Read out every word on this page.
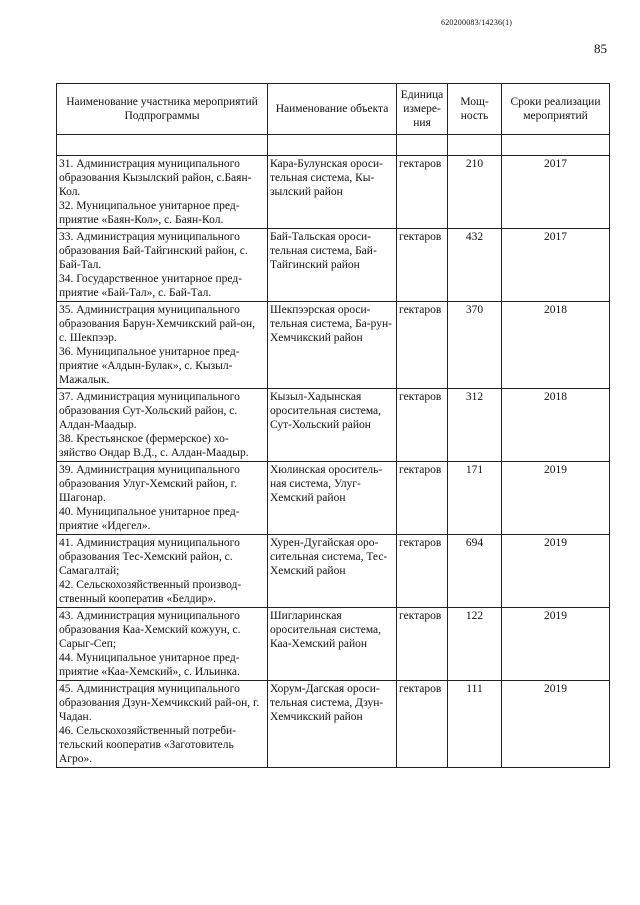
620200083/14236(1)
85
Наименование участника мероприятий Подпрограммы	Наименование объекта	Единица измере-ния	Мощ-ность	Сроки реализации мероприятий

31. Администрация муниципального образования Кызылский район, с.Баян-Кол.
32. Муниципальное унитарное пред-приятие «Баян-Кол», с. Баян-Кол.	Кара-Булунская ороси-тельная система, Кы-зылский район	гектаров	210	2017

33. Администрация муниципального образования Бай-Тайгинский район, с. Бай-Тал.
34. Государственное унитарное пред-приятие «Бай-Тал», с. Бай-Тал.	Бай-Тальская ороси-тельная система, Бай-Тайгинский район	гектаров	432	2017

35. Администрация муниципального образования Барун-Хемчикский рай-он, с. Шекпээр.
36. Муниципальное унитарное пред-приятие «Алдын-Булак», с. Кызыл-Мажалык.	Шекпээрская ороси-тельная система, Ба-рун-Хемчикский район	гектаров	370	2018

37. Администрация муниципального образования Сут-Хольский район, с. Алдан-Маадыр.
38. Крестьянское (фермерское) хо-зяйство Ондар В.Д., с. Алдан-Маадыр.	Кызыл-Хадынская оросительная система, Сут-Хольский район	гектаров	312	2018

39. Администрация муниципального образования Улуг-Хемский район, г. Шагонар.
40. Муниципальное унитарное пред-приятие «Идегел».	Хюлинская ороситель-ная система, Улуг-Хемский район	гектаров	171	2019

41. Администрация муниципального образования Тес-Хемский район, с. Самагалтай;
42. Сельскохозяйственный производ-ственный кооператив «Белдир».	Хурен-Дугайская оро-сительная система, Тес-Хемский район	гектаров	694	2019

43. Администрация муниципального образования Каа-Хемский кожуун, с. Сарыг-Сеп;
44. Муниципальное унитарное пред-приятие «Каа-Хемский», с. Ильинка.	Шигларинская оросительная система, Каа-Хемский район	гектаров	122	2019

45. Администрация муниципального образования Дзун-Хемчикский рай-он, г. Чадан.
46. Сельскохозяйственный потреби-тельский кооператив «Заготовитель Агро».	Хорум-Дагская ороси-тельная система, Дзун-Хемчикский район	гектаров	111	2019
